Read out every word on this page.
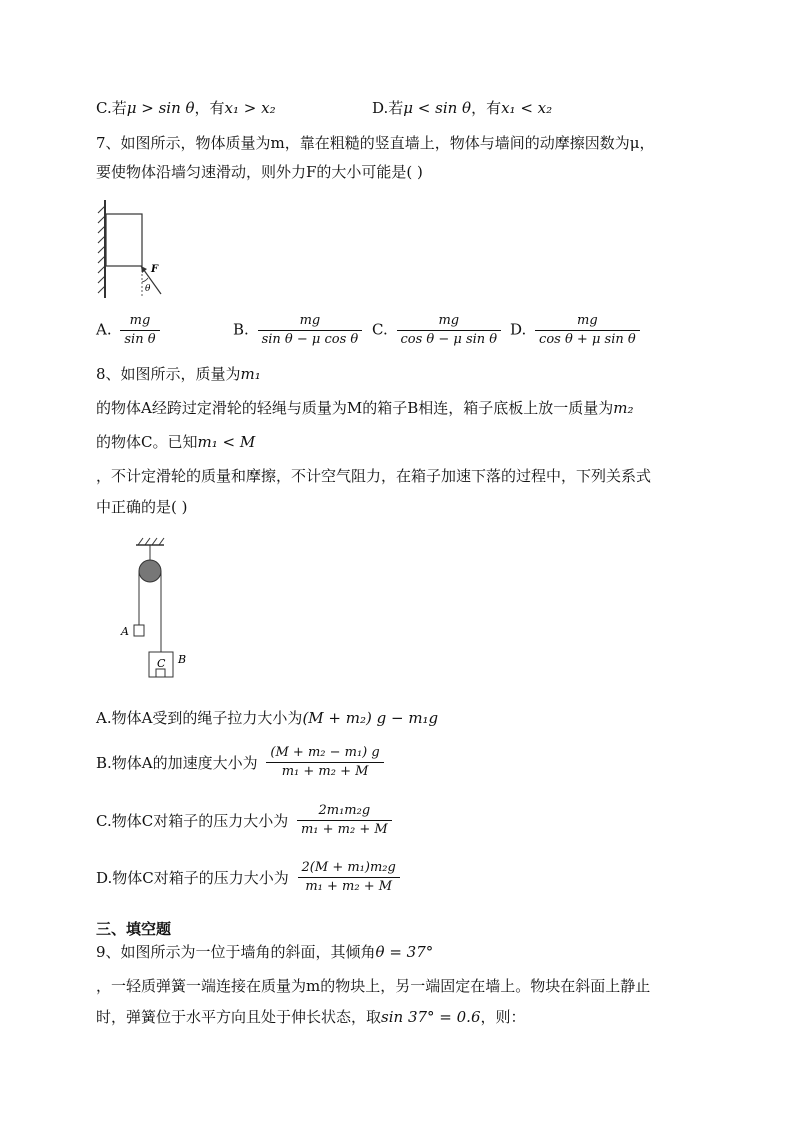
C.若μ > sin θ，有x₁ > x₂	D.若μ < sin θ，有x₁ < x₂
7、如图所示，物体质量为m，靠在粗糙的竖直墙上，物体与墙间的动摩擦因数为μ，
要使物体沿墙匀速滑动，则外力F的大小可能是( )
F
θ
A. $\frac{mg}{\text{sin θ}}$	B. $\frac{mg}{\text{sin θ − μ cos θ}} C$. $\frac{mg}{\text{cos θ − μ sin θ}} D$. $\frac{mg}{\text{cos θ + μ sin θ}}$
8、如图所示，质量为m₁
的物体A经跨过定滑轮的轻绳与质量为M的箱子B相连，箱子底板上放一质量为m₂
的物体C。已知m₁ < M
，不计定滑轮的质量和摩擦，不计空气阻力，在箱子加速下落的过程中，下列关系式
中正确的是( )
A
B
C
A.物体A受到的绳子拉力大小为(M + m₂) g − m₁g
B.物体A的加速度大小为 $\frac{\text{(M + m₂ − m₁) g}}{\text{m₁ + m₂ + M}}$
C.物体C对箱子的压力大小为 $\frac{\text{2m₁m₂g}}{\text{m₁ + m₂ + M}}$
D.物体C对箱子的压力大小为 $\frac{\text{2(M + m₁)m₂g}}{\text{m₁ + m₂ + M}}$
三、填空题
9、如图所示为一位于墙角的斜面，其倾角θ = 37°
，一轻质弹簧一端连接在质量为m的物块上，另一端固定在墙上。物块在斜面上静止
时，弹簧位于水平方向且处于伸长状态，取sin 37° = 0.6，则：
